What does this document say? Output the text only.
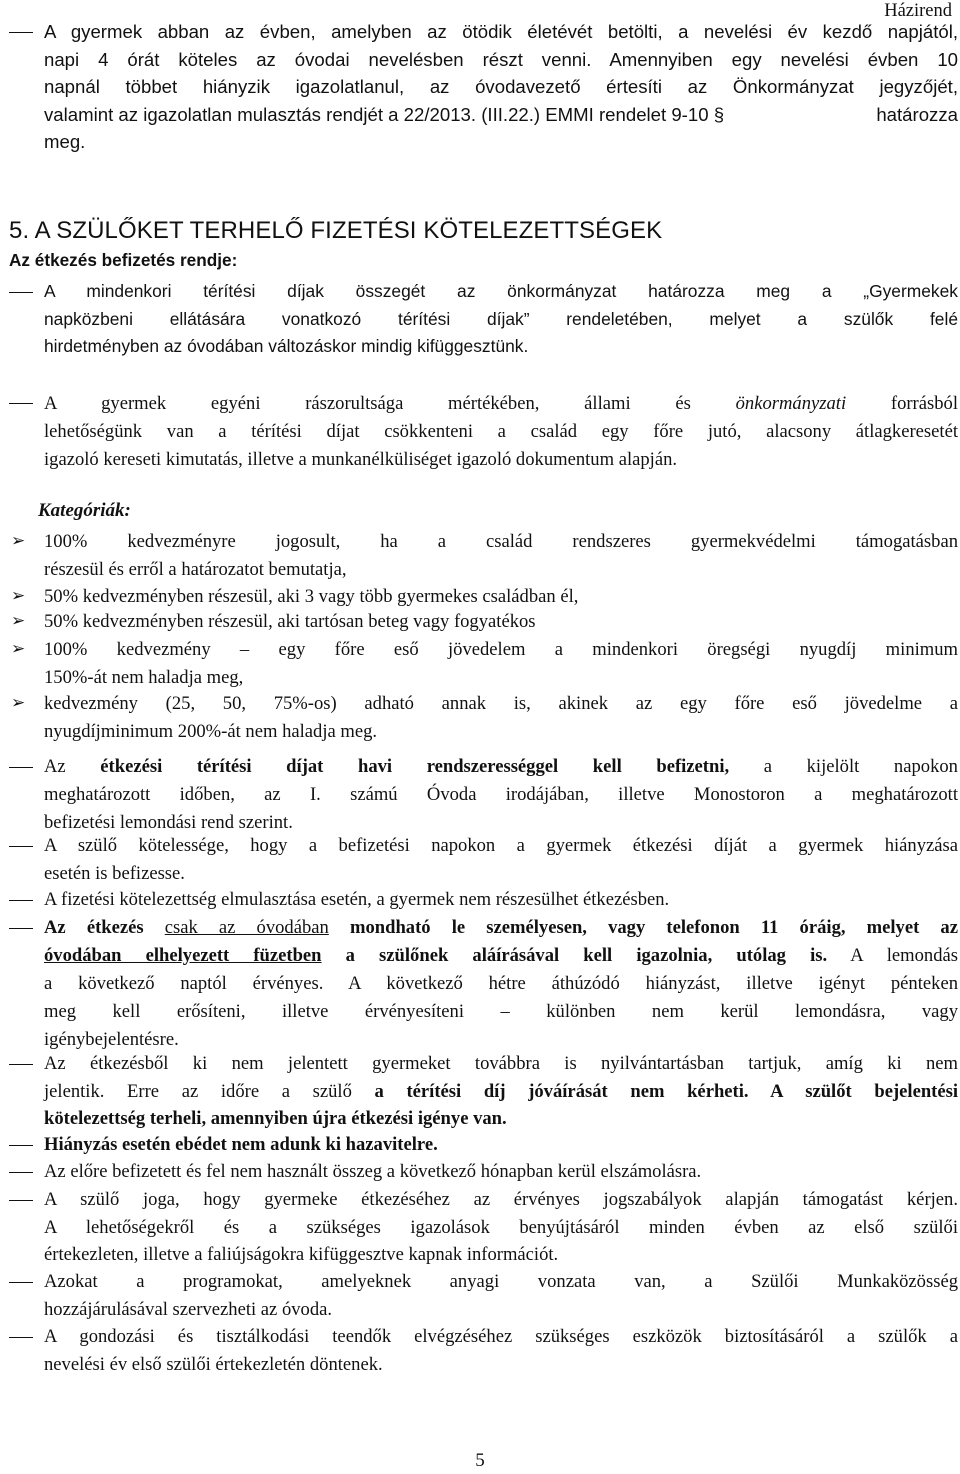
Házirend
A gyermek abban az évben, amelyben az ötödik életévét betölti, a nevelési év kezdő napjától,
napi 4 órát köteles az óvodai nevelésben részt venni. Amennyiben egy nevelési évben 10
napnál többet hiányzik igazolatlanul, az óvodavezető értesíti az Önkormányzat jegyzőjét,
valamint az igazolatlan mulasztás rendjét a 22/2013. (III.22.) EMMI rendelet 9-10 §	határozza
meg.
5. A SZÜLŐKET TERHELŐ FIZETÉSI KÖTELEZETTSÉGEK
Az étkezés befizetés rendje:
A mindenkori térítési díjak összegét az önkormányzat határozza meg a „Gyermekek
napközbeni ellátására vonatkozó térítési díjak” rendeletében, melyet a szülők felé
hirdetményben az óvodában változáskor mindig kifüggesztünk.
A gyermek egyéni rászorultsága mértékében, állami és önkormányzati forrásból
lehetőségünk van a térítési díjat csökkenteni a család egy főre jutó, alacsony átlagkeresetét
igazoló kereseti kimutatás, illetve a munkanélküliséget igazoló dokumentum alapján.
Kategóriák:
➢ 100% kedvezményre jogosult, ha a család rendszeres gyermekvédelmi támogatásban
részesül és erről a határozatot bemutatja,
➢ 50% kedvezményben részesül, aki 3 vagy több gyermekes családban él,
➢ 50% kedvezményben részesül, aki tartósan beteg vagy fogyatékos
➢ 100% kedvezmény – egy főre eső jövedelem a mindenkori öregségi nyugdíj minimum
150%-át nem haladja meg,
➢ kedvezmény (25, 50, 75%-os) adható annak is, akinek az egy főre eső jövedelme a
nyugdíjminimum 200%-át nem haladja meg.
Az étkezési térítési díjat havi rendszerességgel kell befizetni, a kijelölt napokon
meghatározott időben, az I. számú Óvoda irodájában, illetve Monostoron a meghatározott
befizetési lemondási rend szerint.
A szülő kötelessége, hogy a befizetési napokon a gyermek étkezési díját a gyermek hiányzása
esetén is befizesse.
A fizetési kötelezettség elmulasztása esetén, a gyermek nem részesülhet étkezésben.
Az étkezés csak az óvodában mondható le személyesen, vagy telefonon 11 óráig, melyet az
óvodában elhelyezett füzetben a szülőnek aláírásával kell igazolnia, utólag is. A lemondás
a következő naptól érvényes. A következő hétre áthúzódó hiányzást, illetve igényt pénteken
meg kell erősíteni, illetve érvényesíteni – különben nem kerül lemondásra, vagy
igénybejelentésre.
Az étkezésből ki nem jelentett gyermeket továbbra is nyilvántartásban tartjuk, amíg ki nem
jelentik. Erre az időre a szülő a térítési díj jóváírását nem kérheti. A szülőt bejelentési
kötelezettség terheli, amennyiben újra étkezési igénye van.
Hiányzás esetén ebédet nem adunk ki hazavitelre.
Az előre befizetett és fel nem használt összeg a következő hónapban kerül elszámolásra.
A szülő joga, hogy gyermeke étkezéséhez az érvényes jogszabályok alapján támogatást kérjen.
A lehetőségekről és a szükséges igazolások benyújtásáról minden évben az első szülői
értekezleten, illetve a faliújságokra kifüggesztve kapnak információt.
Azokat a programokat, amelyeknek anyagi vonzata van, a Szülői Munkaközösség
hozzájárulásával szervezheti az óvoda.
A gondozási és tisztálkodási teendők elvégzéséhez szükséges eszközök biztosításáról a szülők a
nevelési év első szülői értekezletén döntenek.
5
